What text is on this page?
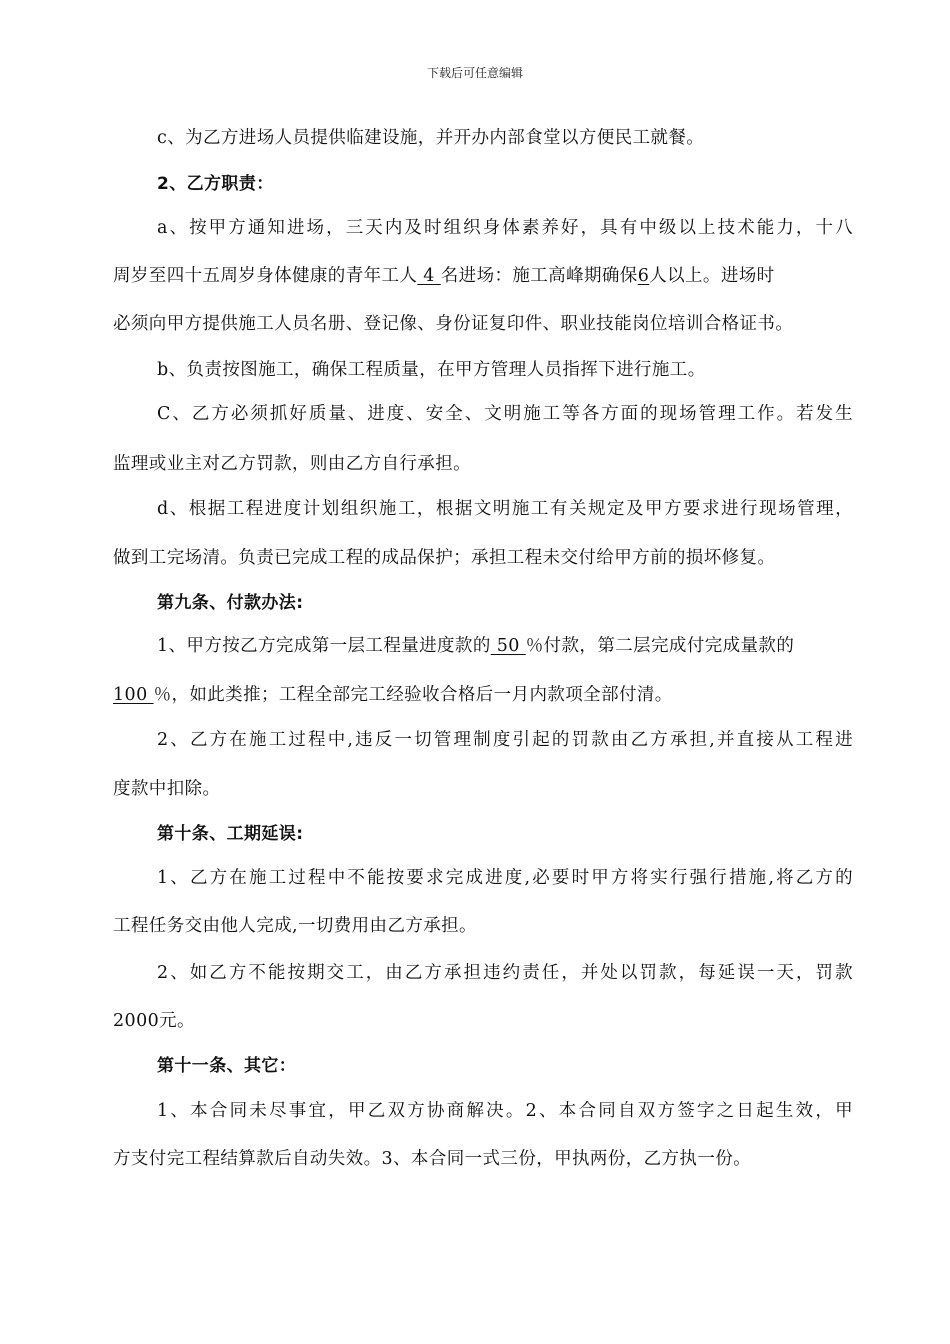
下载后可任意编辑
c、为乙方进场人员提供临建设施，并开办内部食堂以方便民工就餐。
2、乙方职责：
a、按甲方通知进场，三天内及时组织身体素养好，具有中级以上技术能力，十八
周岁至四十五周岁身体健康的青年工人 4 名进场：施工高峰期确保6人以上。进场时
必须向甲方提供施工人员名册、登记像、身份证复印件、职业技能岗位培训合格证书。
b、负责按图施工，确保工程质量，在甲方管理人员指挥下进行施工。
C、乙方必须抓好质量、进度、安全、文明施工等各方面的现场管理工作。若发生
监理或业主对乙方罚款，则由乙方自行承担。
d、根据工程进度计划组织施工，根据文明施工有关规定及甲方要求进行现场管理，
做到工完场清。负责已完成工程的成品保护；承担工程未交付给甲方前的损坏修复。
第九条、付款办法:
1、甲方按乙方完成第一层工程量进度款的 50 ％付款，第二层完成付完成量款的
100 ％，如此类推；工程全部完工经验收合格后一月内款项全部付清。
2、乙方在施工过程中,违反一切管理制度引起的罚款由乙方承担,并直接从工程进
度款中扣除。
第十条、工期延误:
1、乙方在施工过程中不能按要求完成进度,必要时甲方将实行强行措施,将乙方的
工程任务交由他人完成,一切费用由乙方承担。
2、如乙方不能按期交工，由乙方承担违约责任，并处以罚款，每延误一天，罚款
2000元。
第十一条、其它：
1、本合同未尽事宜，甲乙双方协商解决。2、本合同自双方签字之日起生效，甲
方支付完工程结算款后自动失效。3、本合同一式三份，甲执两份，乙方执一份。
